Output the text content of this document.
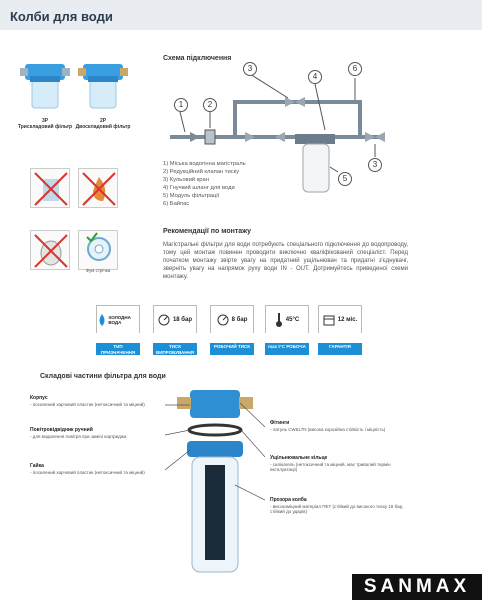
Колби для води
3P
Трискладовий фільтр
2P
Двоскладовий фільтр
Фум стрічка
Схема підключення
1	2
3
4
5
6
3
1) Міська водогінна магістраль
2) Редукційний клапан тиску
3) Кульовий кран
4) Гнучкий шланг для води
5) Модуль фільтрації
6) Байпас
Рекомендації по монтажу
Магістральні фільтри для води потребують спеціального підключення до водопроводу, тому цей монтаж повинен проводити виключно кваліфікований спеціаліст. Перед початком монтажу звірте увагу на придатний ущільнювач та придатні з'єднувачі, зверніть увагу на напрямок руху води IN - OUT. Дотримуйтесь приведеної схеми монтажу.
ХОЛОДНА ВОДА
ТИП ПРИЗНАЧЕННЯ
18 бар
ТИСК ВИПРОБУВАННЯ
8 бар
РОБОЧИЙ ТИСК
45°C
max t°C РОБОЧА
12 міс.
ГАРАНТІЯ
Складові частини фільтра для води
Корпус
- посилений харчовий пластик (нетоксичний та міцний)
Повітровідвідник ручний
- для видалення повітря при заміні картриджа
Гайка
- посилений харчовий пластик (нетоксичний та міцний)
Фітинги
- латунь CW617N (висока корозійна стійкість і міцність)
Ущільнювальне кільце
- силікагель (нетоксичний та міцний, має тривалий термін експлуатації)
Прозора колба
- високоміцний матеріал ПЕТ (стійкий до високого тиску 18 бар, стійкий до ударів)
SANMAX
